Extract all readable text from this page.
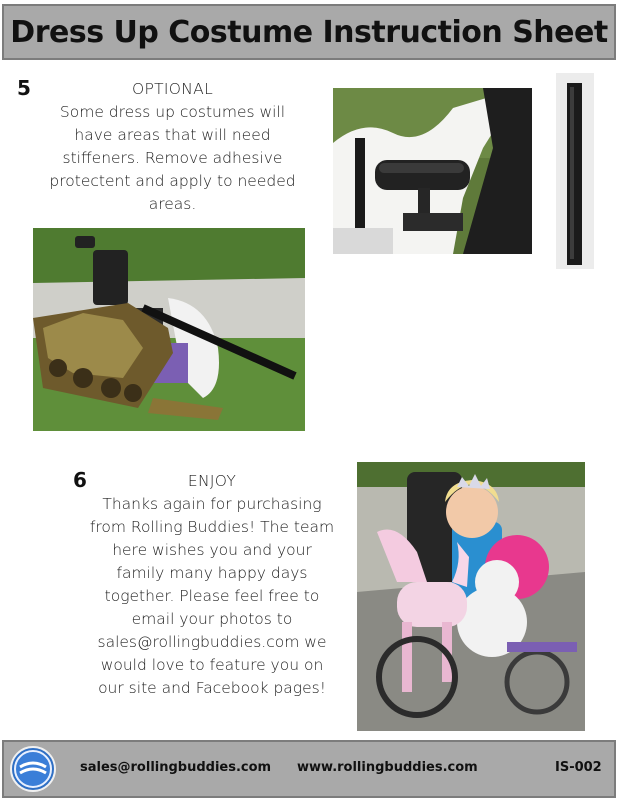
Dress Up Costume Instruction Sheet
5	OPTIONAL
Some dress up costumes will
have areas that will need
stiffeners. Remove adhesive
protectent and apply to needed
areas.
6	ENJOY
Thanks again for purchasing
from Rolling Buddies! The team
here wishes you and your
family many happy days
together. Please feel free to
email your photos to
sales@rollingbuddies.com we
would love to feature you on
our site and Facebook pages!
sales@rollingbuddies.com www.rollingbuddies.com	IS-002
